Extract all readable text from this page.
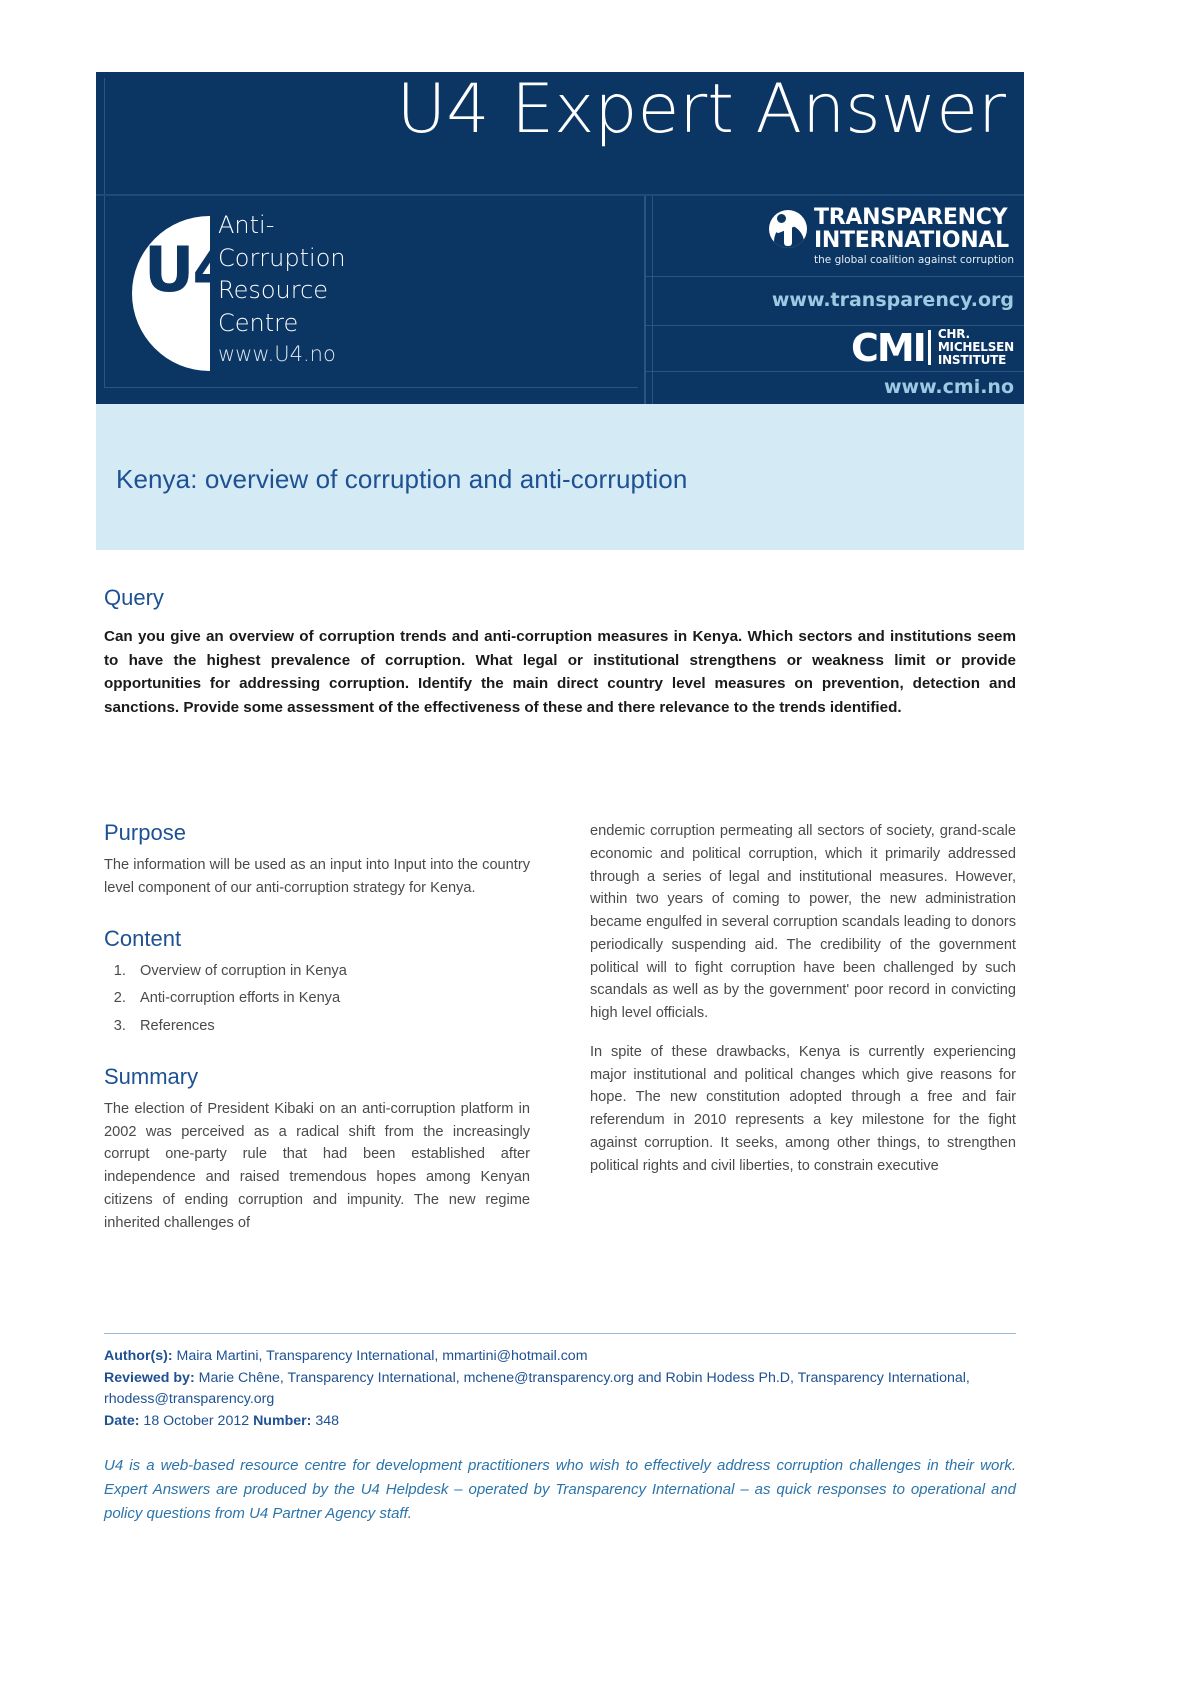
U4 Expert Answer
U4
Anti-
Corruption
Resource
Centre
www.U4.no
TRANSPARENCY
INTERNATIONAL
the global coalition against corruption
www.transparency.org
CMI CHR.
MICHELSEN
INSTITUTE
www.cmi.no
Kenya: overview of corruption and anti-corruption
Query

Can you give an overview of corruption trends and anti-corruption measures in Kenya. Which sectors and institutions seem to have the highest prevalence of corruption. What legal or institutional strengthens or weakness limit or provide opportunities for addressing corruption. Identify the main direct country level measures on prevention, detection and sanctions. Provide some assessment of the effectiveness of these and there relevance to the trends identified.

Purpose

The information will be used as an input into Input into the country level component of our anti-corruption strategy for Kenya.

Content
1. Overview of corruption in Kenya
2. Anti-corruption efforts in Kenya
3. References
Summary

The election of President Kibaki on an anti-corruption platform in 2002 was perceived as a radical shift from the increasingly corrupt one-party rule that had been established after independence and raised tremendous hopes among Kenyan citizens of ending corruption and impunity. The new regime inherited challenges of

endemic corruption permeating all sectors of society, grand-scale economic and political corruption, which it primarily addressed through a series of legal and institutional measures. However, within two years of coming to power, the new administration became engulfed in several corruption scandals leading to donors periodically suspending aid. The credibility of the government political will to fight corruption have been challenged by such scandals as well as by the government' poor record in convicting high level officials.

In spite of these drawbacks, Kenya is currently experiencing major institutional and political changes which give reasons for hope. The new constitution adopted through a free and fair referendum in 2010 represents a key milestone for the fight against corruption. It seeks, among other things, to strengthen political rights and civil liberties, to constrain executive

Author(s): Maira Martini, Transparency International, mmartini@hotmail.com
Reviewed by: Marie Chêne, Transparency International, mchene@transparency.org and Robin Hodess Ph.D, Transparency International, rhodess@transparency.org
Date: 18 October 2012 Number: 348
U4 is a web-based resource centre for development practitioners who wish to effectively address corruption challenges in their work. Expert Answers are produced by the U4 Helpdesk – operated by Transparency International – as quick responses to operational and policy questions from U4 Partner Agency staff.
